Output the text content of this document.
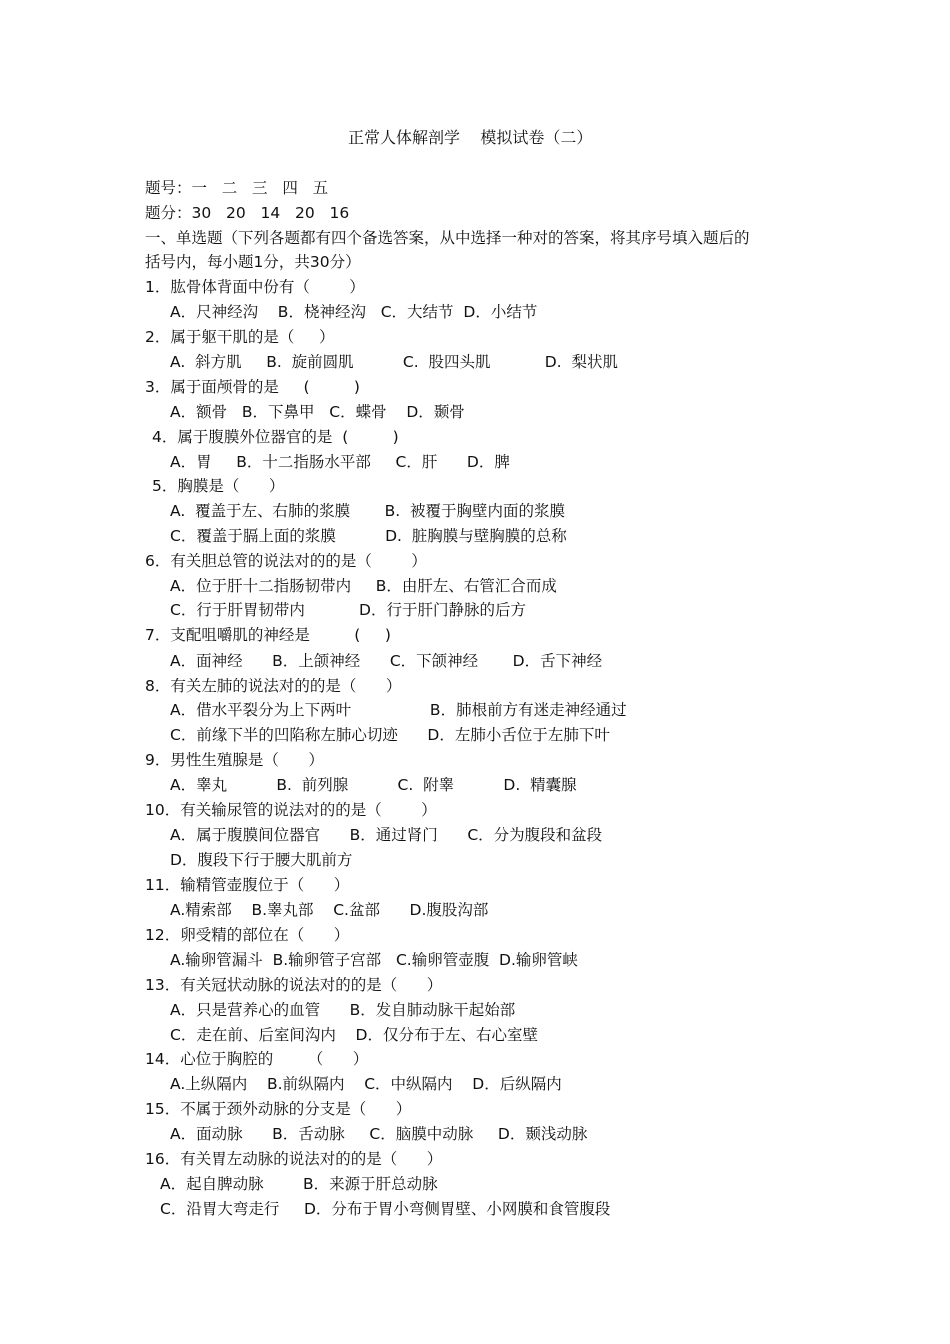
正常人体解剖学    模拟试卷（二）
题号：一   二   三   四   五
题分：30   20   14   20   16
一、单选题（下列各题都有四个备选答案，从中选择一种对的答案，将其序号填入题后的
括号内，每小题1分，共30分）
1．肱骨体背面中份有（        ）
A．尺神经沟    B．桡神经沟   C．大结节  D．小结节
2．属于躯干肌的是（     ）
A.  斜方肌     B.  旋前圆肌          C.  股四头肌           D.  梨状肌
3．属于面颅骨的是     (         )
A．额骨   B．下鼻甲   C．蝶骨    D．颞骨
4．属于腹膜外位器官的是  (         )
A．胃     B．十二指肠水平部     C．肝      D．脾
5．胸膜是（      ）
A.  覆盖于左、右肺的浆膜       B.  被覆于胸壁内面的浆膜
C．覆盖于膈上面的浆膜          D.  脏胸膜与壁胸膜的总称
6．有关胆总管的说法对的的是（        ）
A．位于肝十二指肠韧带内     B．由肝左、右管汇合而成
C．行于肝胃韧带内           D．行于肝门静脉的后方
7．支配咀嚼肌的神经是         (     )
A．面神经      B．上颌神经      C．下颌神经       D．舌下神经
8．有关左肺的说法对的的是（      ）
A．借水平裂分为上下两叶                B．肺根前方有迷走神经通过
C．前缘下半的凹陷称左肺心切迹      D．左肺小舌位于左肺下叶
9．男性生殖腺是（      ）
A．睾丸          B.  前列腺          C.  附睾          D.  精囊腺
10．有关输尿管的说法对的的是（        ）
A．属于腹膜间位器官      B．通过肾门      C．分为腹段和盆段
D．腹段下行于腰大肌前方
11．输精管壶腹位于（      ）
A.精索部    B.睾丸部    C.盆部      D.腹股沟部
12．卵受精的部位在（      ）
A.输卵管漏斗  B.输卵管子宫部   C.输卵管壶腹  D.输卵管峡
13．有关冠状动脉的说法对的的是（      ）
A．只是营养心的血管      B．发自肺动脉干起始部
C．走在前、后室间沟内    D．仅分布于左、右心室壁
14．心位于胸腔的       （      ）
A.上纵隔内    B.前纵隔内    C．中纵隔内    D．后纵隔内
15．不属于颈外动脉的分支是（      ）
A．面动脉      B．舌动脉     C．脑膜中动脉     D．颞浅动脉
16．有关胃左动脉的说法对的的是（      ）
A．起自脾动脉        B．来源于肝总动脉
C．沿胃大弯走行     D．分布于胃小弯侧胃壁、小网膜和食管腹段
